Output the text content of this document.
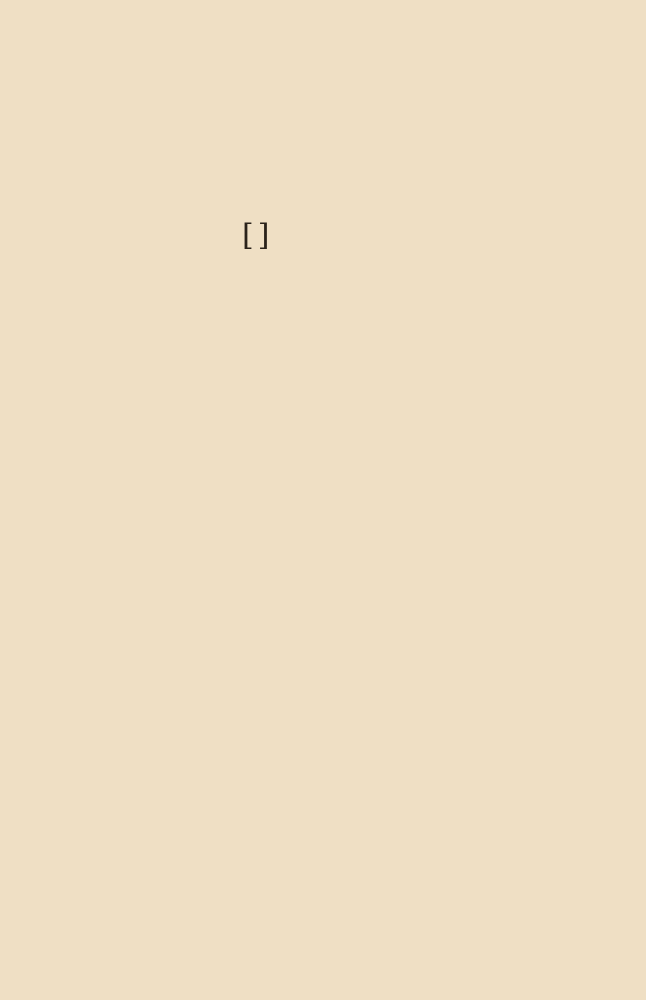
[ ]
